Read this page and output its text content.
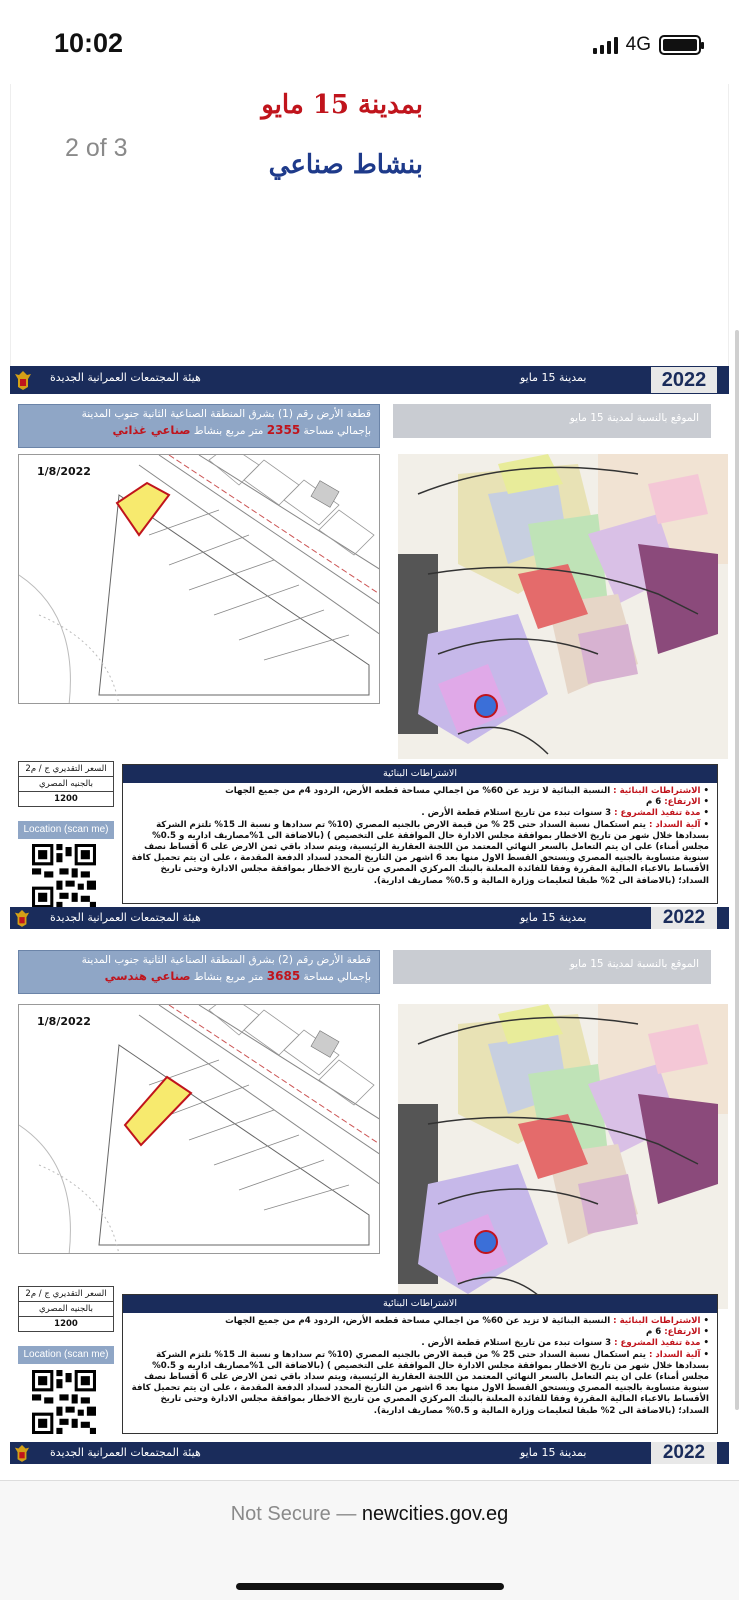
10:02	4G
بمدينة 15 مايو
بنشاط صناعي
2 of 3
هيئة المجتمعات العمرانية الجديدة	بمدينة 15 مايو	2022
قطعة الأرض رقم (1) بشرق المنطقة الصناعية الثانية جنوب المدينة
بإجمالي مساحة 2355 متر مربع بنشاط صناعي غذائي
الموقع بالنسبة لمدينة 15 مايو
1/8/2022
السعر التقديري ج / م2
بالجنيه المصري
1200
Location (scan me)
الاشتراطات البنائية
• الاشتراطات البنائية : النسبة البنائية لا تزيد عن 60% من اجمالي مساحة قطعه الأرض، الردود 4م من جميع الجهات
• الارتفاع: 6 م
• مدة تنفيذ المشروع : 3 سنوات تبدء من تاريخ استلام قطعة الأرض .
• آلية السداد : يتم استكمال نسبة السداد حتى 25 % من قيمة الارض بالجنيه المصري (10% تم سدادها و نسبة الـ 15% تلتزم الشركة بسدادها خلال شهر من تاريخ الاخطار بموافقة مجلس الادارة حال الموافقة على التخصيص ) (بالاضافة الى 1%مصاريف اداريه و 0.5% مجلس أمناء) على ان يتم التعامل بالسعر النهائي المعتمد من اللجنة العقارية الرئيسية، ويتم سداد باقي ثمن الارض على 6 أقساط نصف سنوية متساوية بالجنيه المصري ويستحق القسط الاول منها بعد 6 اشهر من التاريخ المحدد لسداد الدفعة المقدمة ، على ان يتم تحميل كافة الأقساط بالاعباء المالية المقررة وفقا للفائدة المعلنة بالبنك المركزي المصري من تاريخ الاخطار بموافقة مجلس الادارة وحتى تاريخ السداد؛ (بالاضافة الى 2% طبقا لتعليمات وزارة المالية و 0.5% مصاريف ادارية).
هيئة المجتمعات العمرانية الجديدة	بمدينة 15 مايو	2022
قطعة الأرض رقم (2) بشرق المنطقة الصناعية الثانية جنوب المدينة
بإجمالي مساحة 3685 متر مربع بنشاط صناعي هندسي
الموقع بالنسبة لمدينة 15 مايو
1/8/2022
السعر التقديري ج / م2
بالجنيه المصري
1200
Location (scan me)
الاشتراطات البنائية
• الاشتراطات البنائية : النسبة البنائية لا تزيد عن 60% من اجمالي مساحة قطعه الأرض، الردود 4م من جميع الجهات
• الارتفاع: 6 م
• مدة تنفيذ المشروع : 3 سنوات تبدء من تاريخ استلام قطعة الأرض .
• آلية السداد : يتم استكمال نسبة السداد حتى 25 % من قيمة الارض بالجنيه المصري (10% تم سدادها و نسبة الـ 15% تلتزم الشركة بسدادها خلال شهر من تاريخ الاخطار بموافقة مجلس الادارة حال الموافقة على التخصيص ) (بالاضافة الى 1%مصاريف اداريه و 0.5% مجلس أمناء) على ان يتم التعامل بالسعر النهائي المعتمد من اللجنة العقارية الرئيسية، ويتم سداد باقي ثمن الارض على 6 أقساط نصف سنوية متساوية بالجنيه المصري ويستحق القسط الاول منها بعد 6 اشهر من التاريخ المحدد لسداد الدفعة المقدمة ، على ان يتم تحميل كافة الأقساط بالاعباء المالية المقررة وفقا للفائدة المعلنة بالبنك المركزي المصري من تاريخ الاخطار بموافقة مجلس الادارة وحتى تاريخ السداد؛ (بالاضافة الى 2% طبقا لتعليمات وزارة المالية و 0.5% مصاريف ادارية).
هيئة المجتمعات العمرانية الجديدة	بمدينة 15 مايو	2022
Not Secure — newcities.gov.eg
